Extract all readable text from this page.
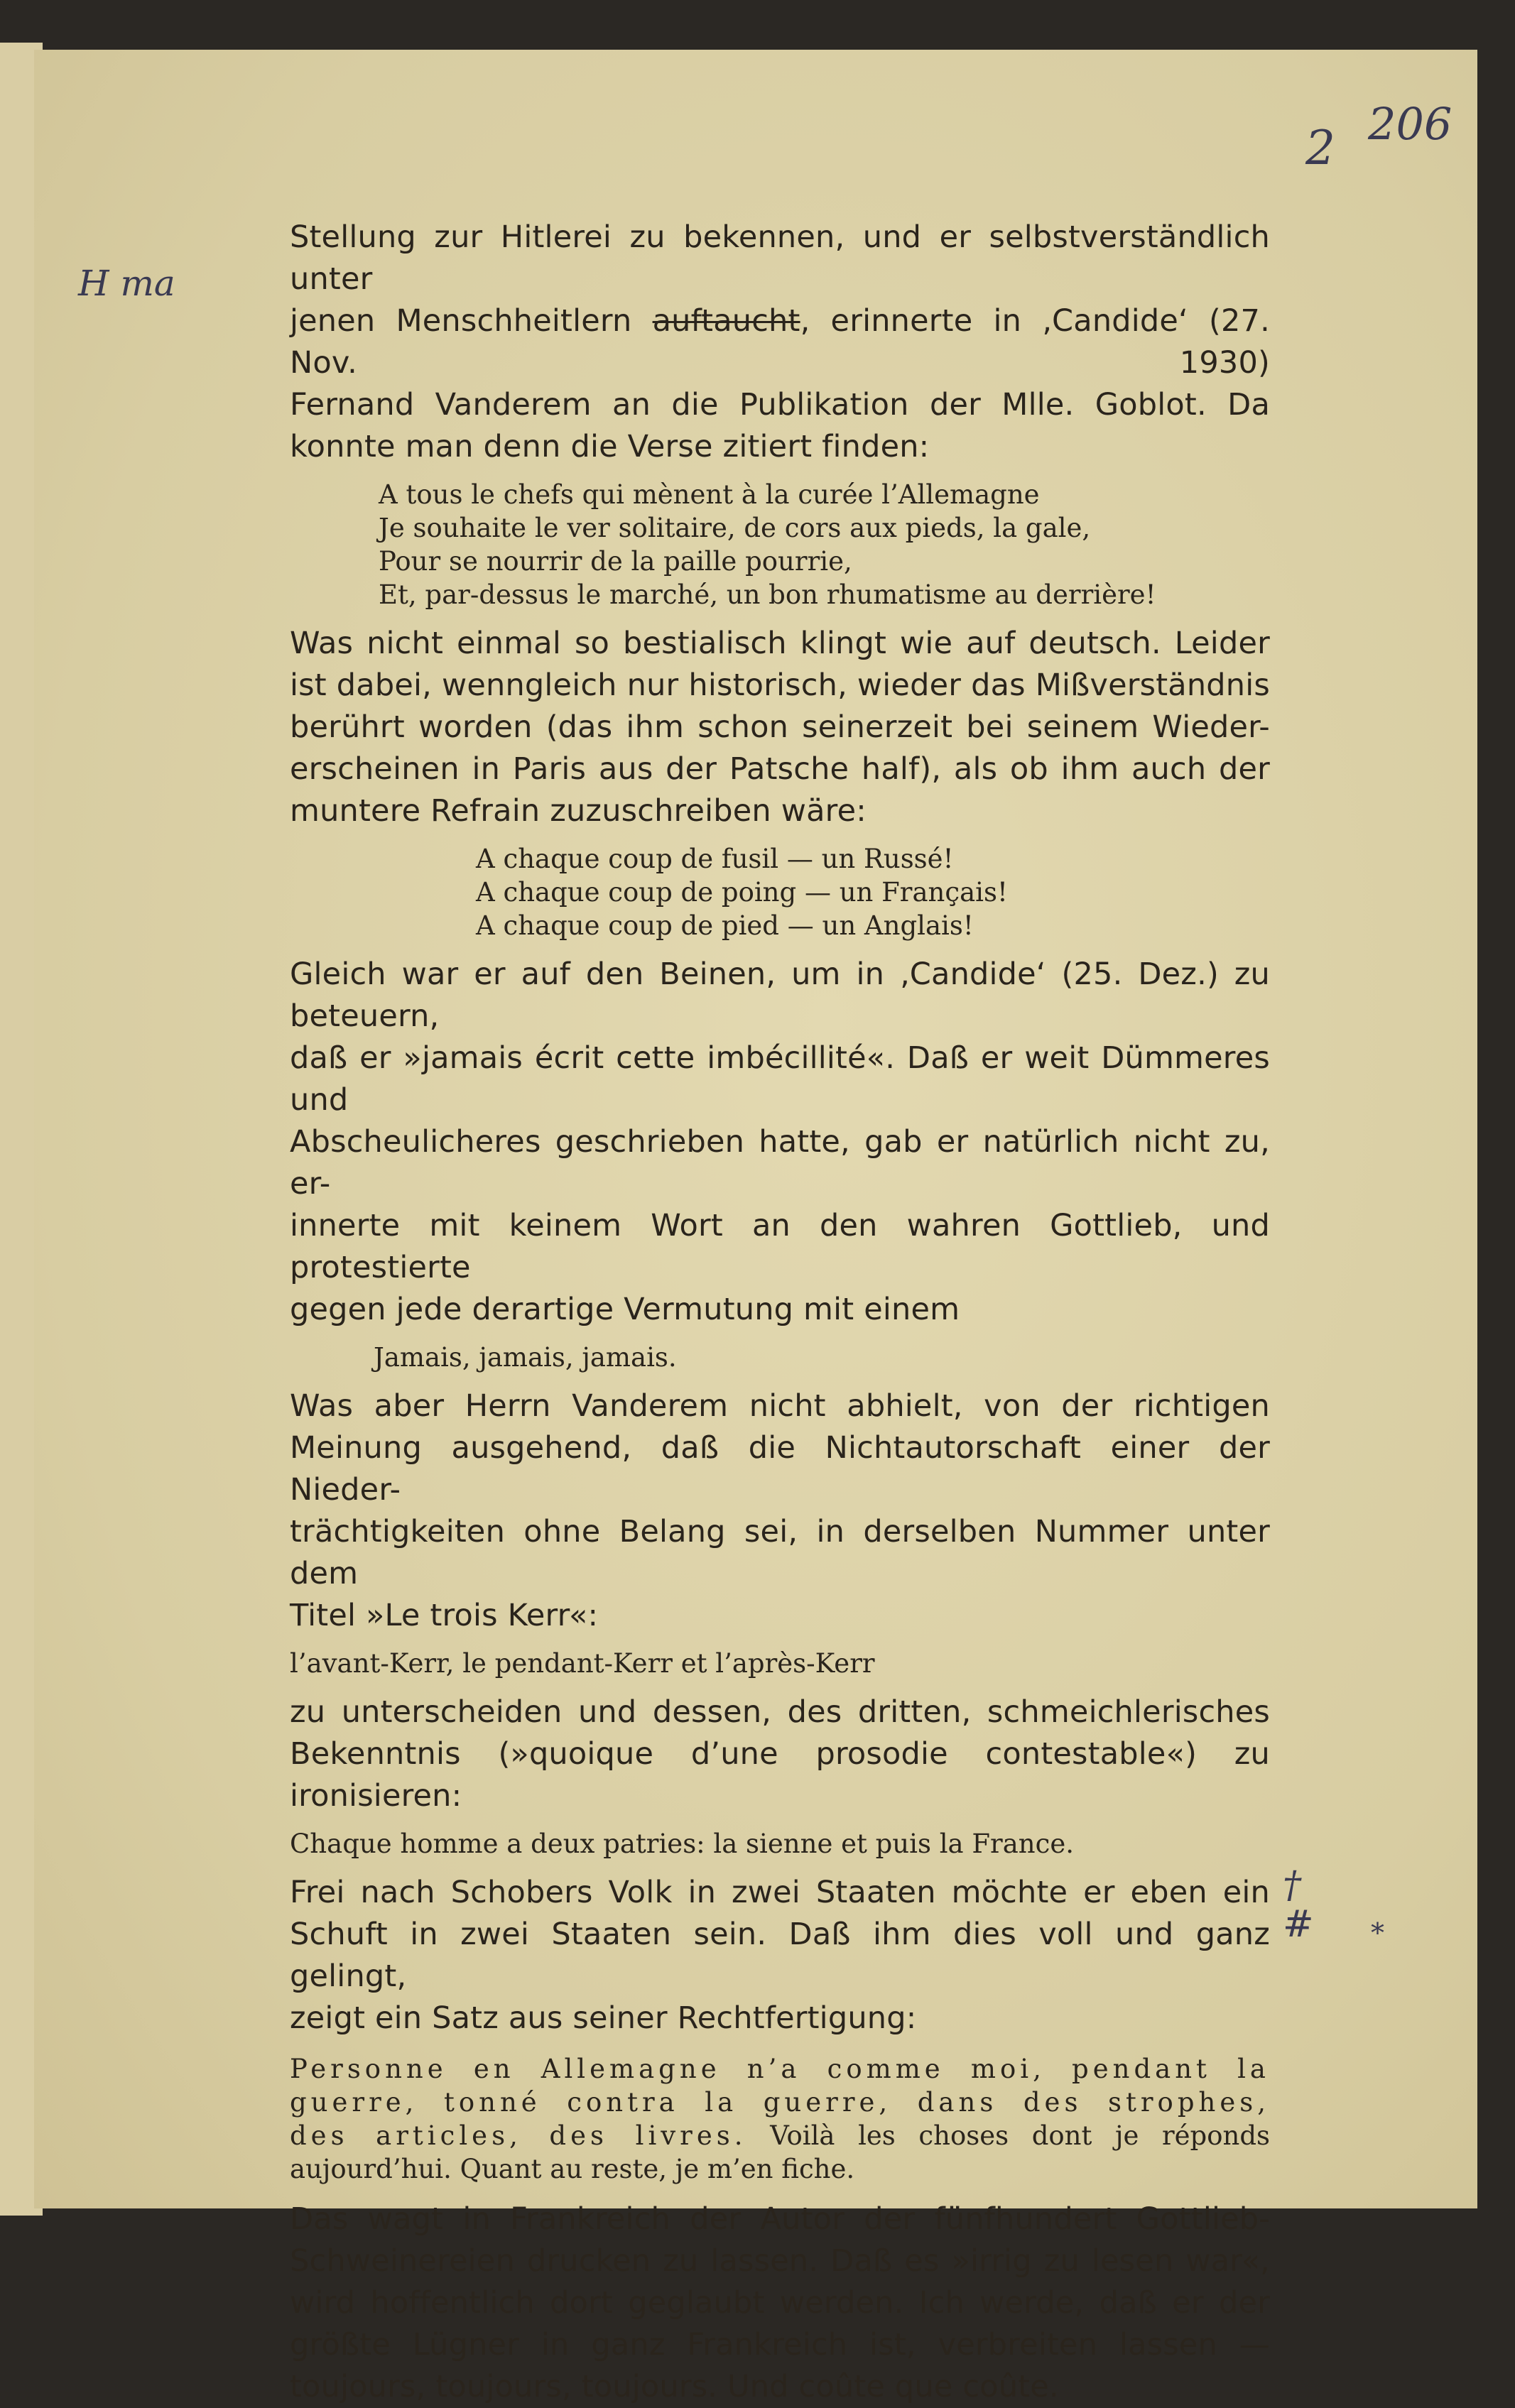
206
2
H ma
†
# *

Stellung zur Hitlerei zu bekennen, und er selbstverständlich unter

jenen Menschheitlern auftaucht, erinnerte in ‚Candide‘ (27. Nov. 1930)

Fernand Vanderem an die Publikation der Mlle. Goblot. Da

konnte man denn die Verse zitiert finden:

A tous le chefs qui mènent à la curée l’Allemagne
Je souhaite le ver solitaire, de cors aux pieds, la gale,
Pour se nourrir de la paille pourrie,
Et, par-dessus le marché, un bon rhumatisme au derrière!

Was nicht einmal so bestialisch klingt wie auf deutsch. Leider

ist dabei, wenngleich nur historisch, wieder das Mißverständnis

berührt worden (das ihm schon seinerzeit bei seinem Wieder-

erscheinen in Paris aus der Patsche half), als ob ihm auch der

muntere Refrain zuzuschreiben wäre:

A chaque coup de fusil — un Russé!
A chaque coup de poing — un Français!
A chaque coup de pied — un Anglais!

Gleich war er auf den Beinen, um in ‚Candide‘ (25. Dez.) zu beteuern,

daß er »jamais écrit cette imbécillité«. Daß er weit Dümmeres und

Abscheulicheres geschrieben hatte, gab er natürlich nicht zu, er-

innerte mit keinem Wort an den wahren Gottlieb, und protestierte

gegen jede derartige Vermutung mit einem

Jamais, jamais, jamais.

Was aber Herrn Vanderem nicht abhielt, von der richtigen

Meinung ausgehend, daß die Nichtautorschaft einer der Nieder-

trächtigkeiten ohne Belang sei, in derselben Nummer unter dem

Titel »Le trois Kerr«:

l’avant-Kerr, le pendant-Kerr et l’après-Kerr

zu unterscheiden und dessen, des dritten, schmeichlerisches

Bekenntnis (»quoique d’une prosodie contestable«) zu ironisieren:

Chaque homme a deux patries: la sienne et puis la France.

Frei nach Schobers Volk in zwei Staaten möchte er eben ein

Schuft in zwei Staaten sein. Daß ihm dies voll und ganz gelingt,

zeigt ein Satz aus seiner Rechtfertigung:

Personne en Allemagne n’a comme moi, pendant la
guerre, tonné contra la guerre, dans des strophes,
des articles, des livres. Voilà les choses dont je réponds
aujourd’hui. Quant au reste, je m’en fiche.

Das wagt in Frankreich der Autor der fünfhundert Gottlieb-

Schweinereien drucken zu lassen. Daß es »irrig zu lesen war«,

wird hoffentlich dort geglaubt werden. Ich werde, daß er der

größte Lügner in ganz Frankreich ist, verbreiten lassen —

toujours, toujours, toujours. Und coûte que coûte.
